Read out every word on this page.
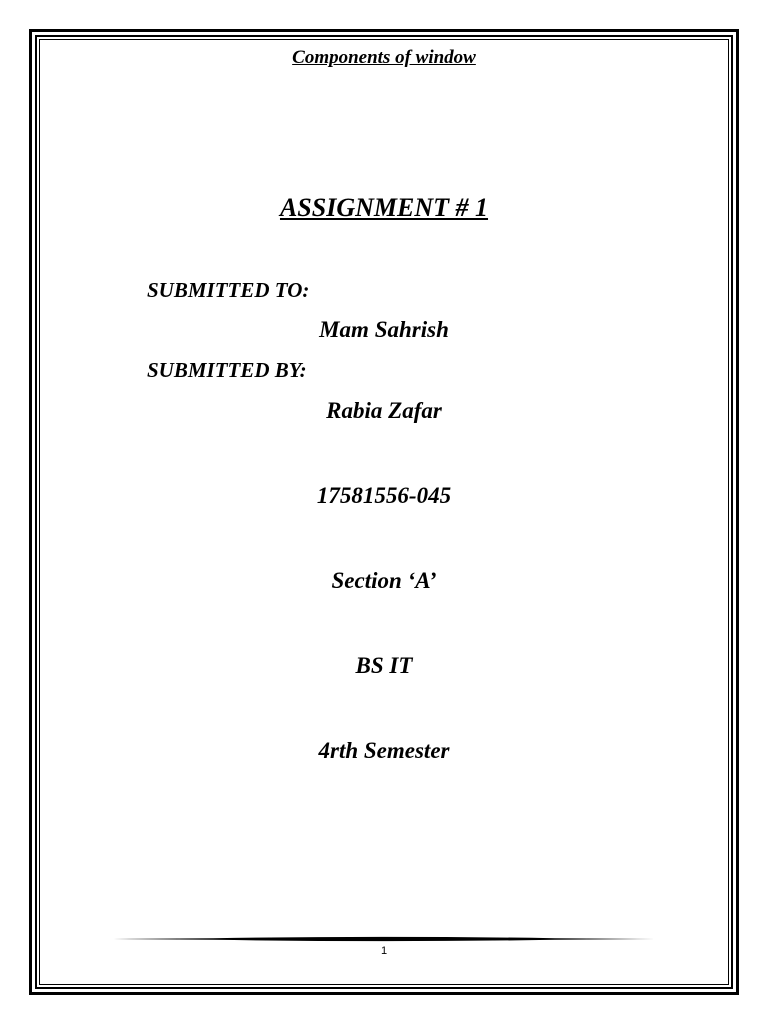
Components of window
ASSIGNMENT # 1
SUBMITTED TO:
Mam Sahrish
SUBMITTED BY:
Rabia Zafar
17581556-045
Section ‘A’
BS IT
4rth Semester
1
